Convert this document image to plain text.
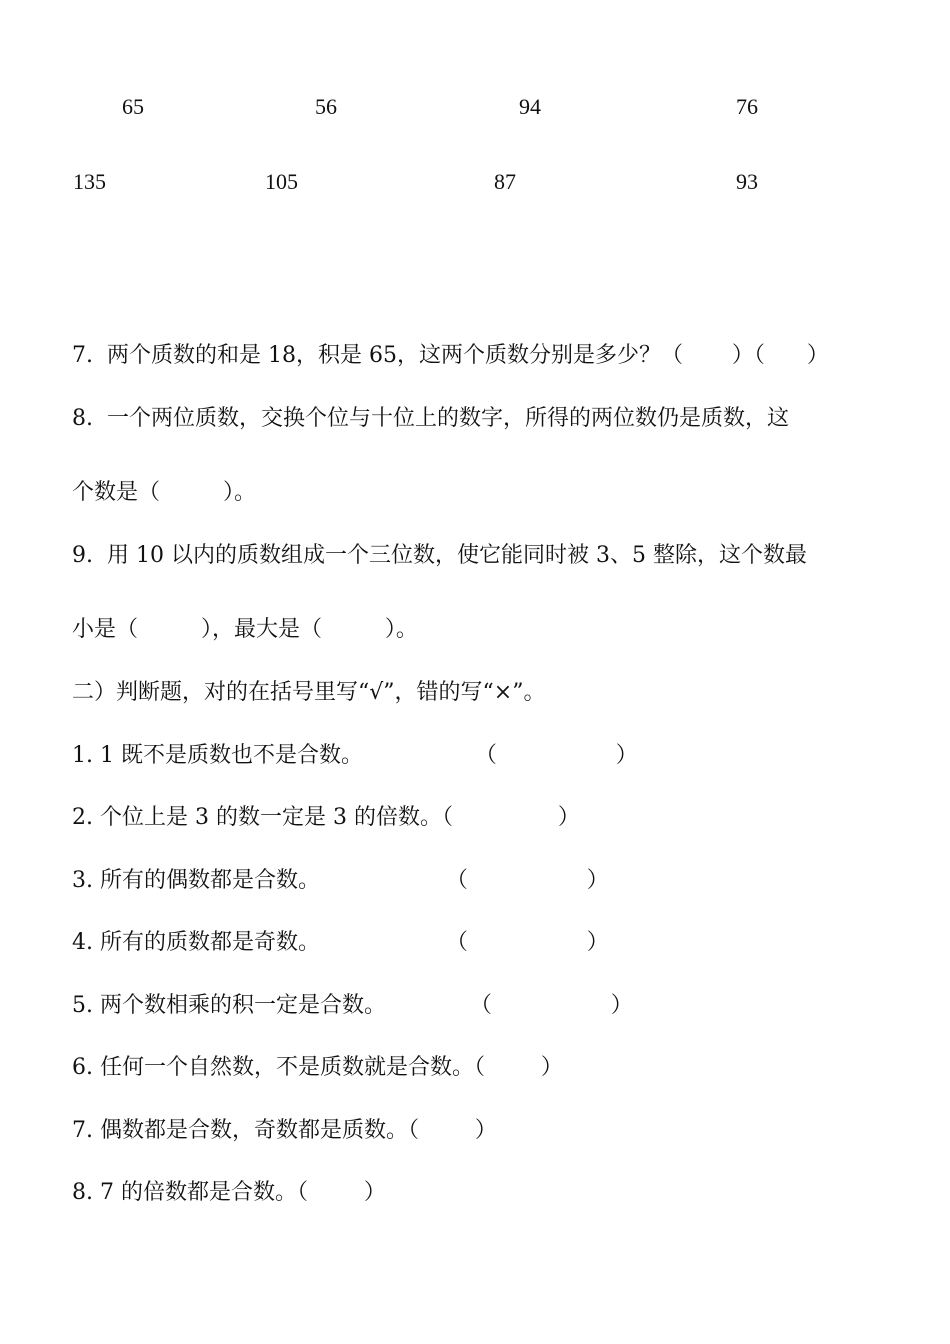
65	56	94	76
135	105	87	93
7.  两个质数的和是 18，积是 65，这两个质数分别是多少？（       ）（      ）
8.  一个两位质数，交换个位与十位上的数字，所得的两位数仍是质数，这
个数是（         ）。
9.  用 10 以内的质数组成一个三位数，使它能同时被 3、5 整除，这个数最
小是（         ），最大是（         ）。
二）判断题，对的在括号里写“√”，错的写“×”。
1. 1 既不是质数也不是合数。                （                 ）
2. 个位上是 3 的数一定是 3 的倍数。（               ）
3. 所有的偶数都是合数。                  （                 ）
4. 所有的质数都是奇数。                  （                 ）
5. 两个数相乘的积一定是合数。            （                 ）
6. 任何一个自然数，不是质数就是合数。（        ）
7. 偶数都是合数，奇数都是质数。（        ）
8. 7 的倍数都是合数。（        ）
